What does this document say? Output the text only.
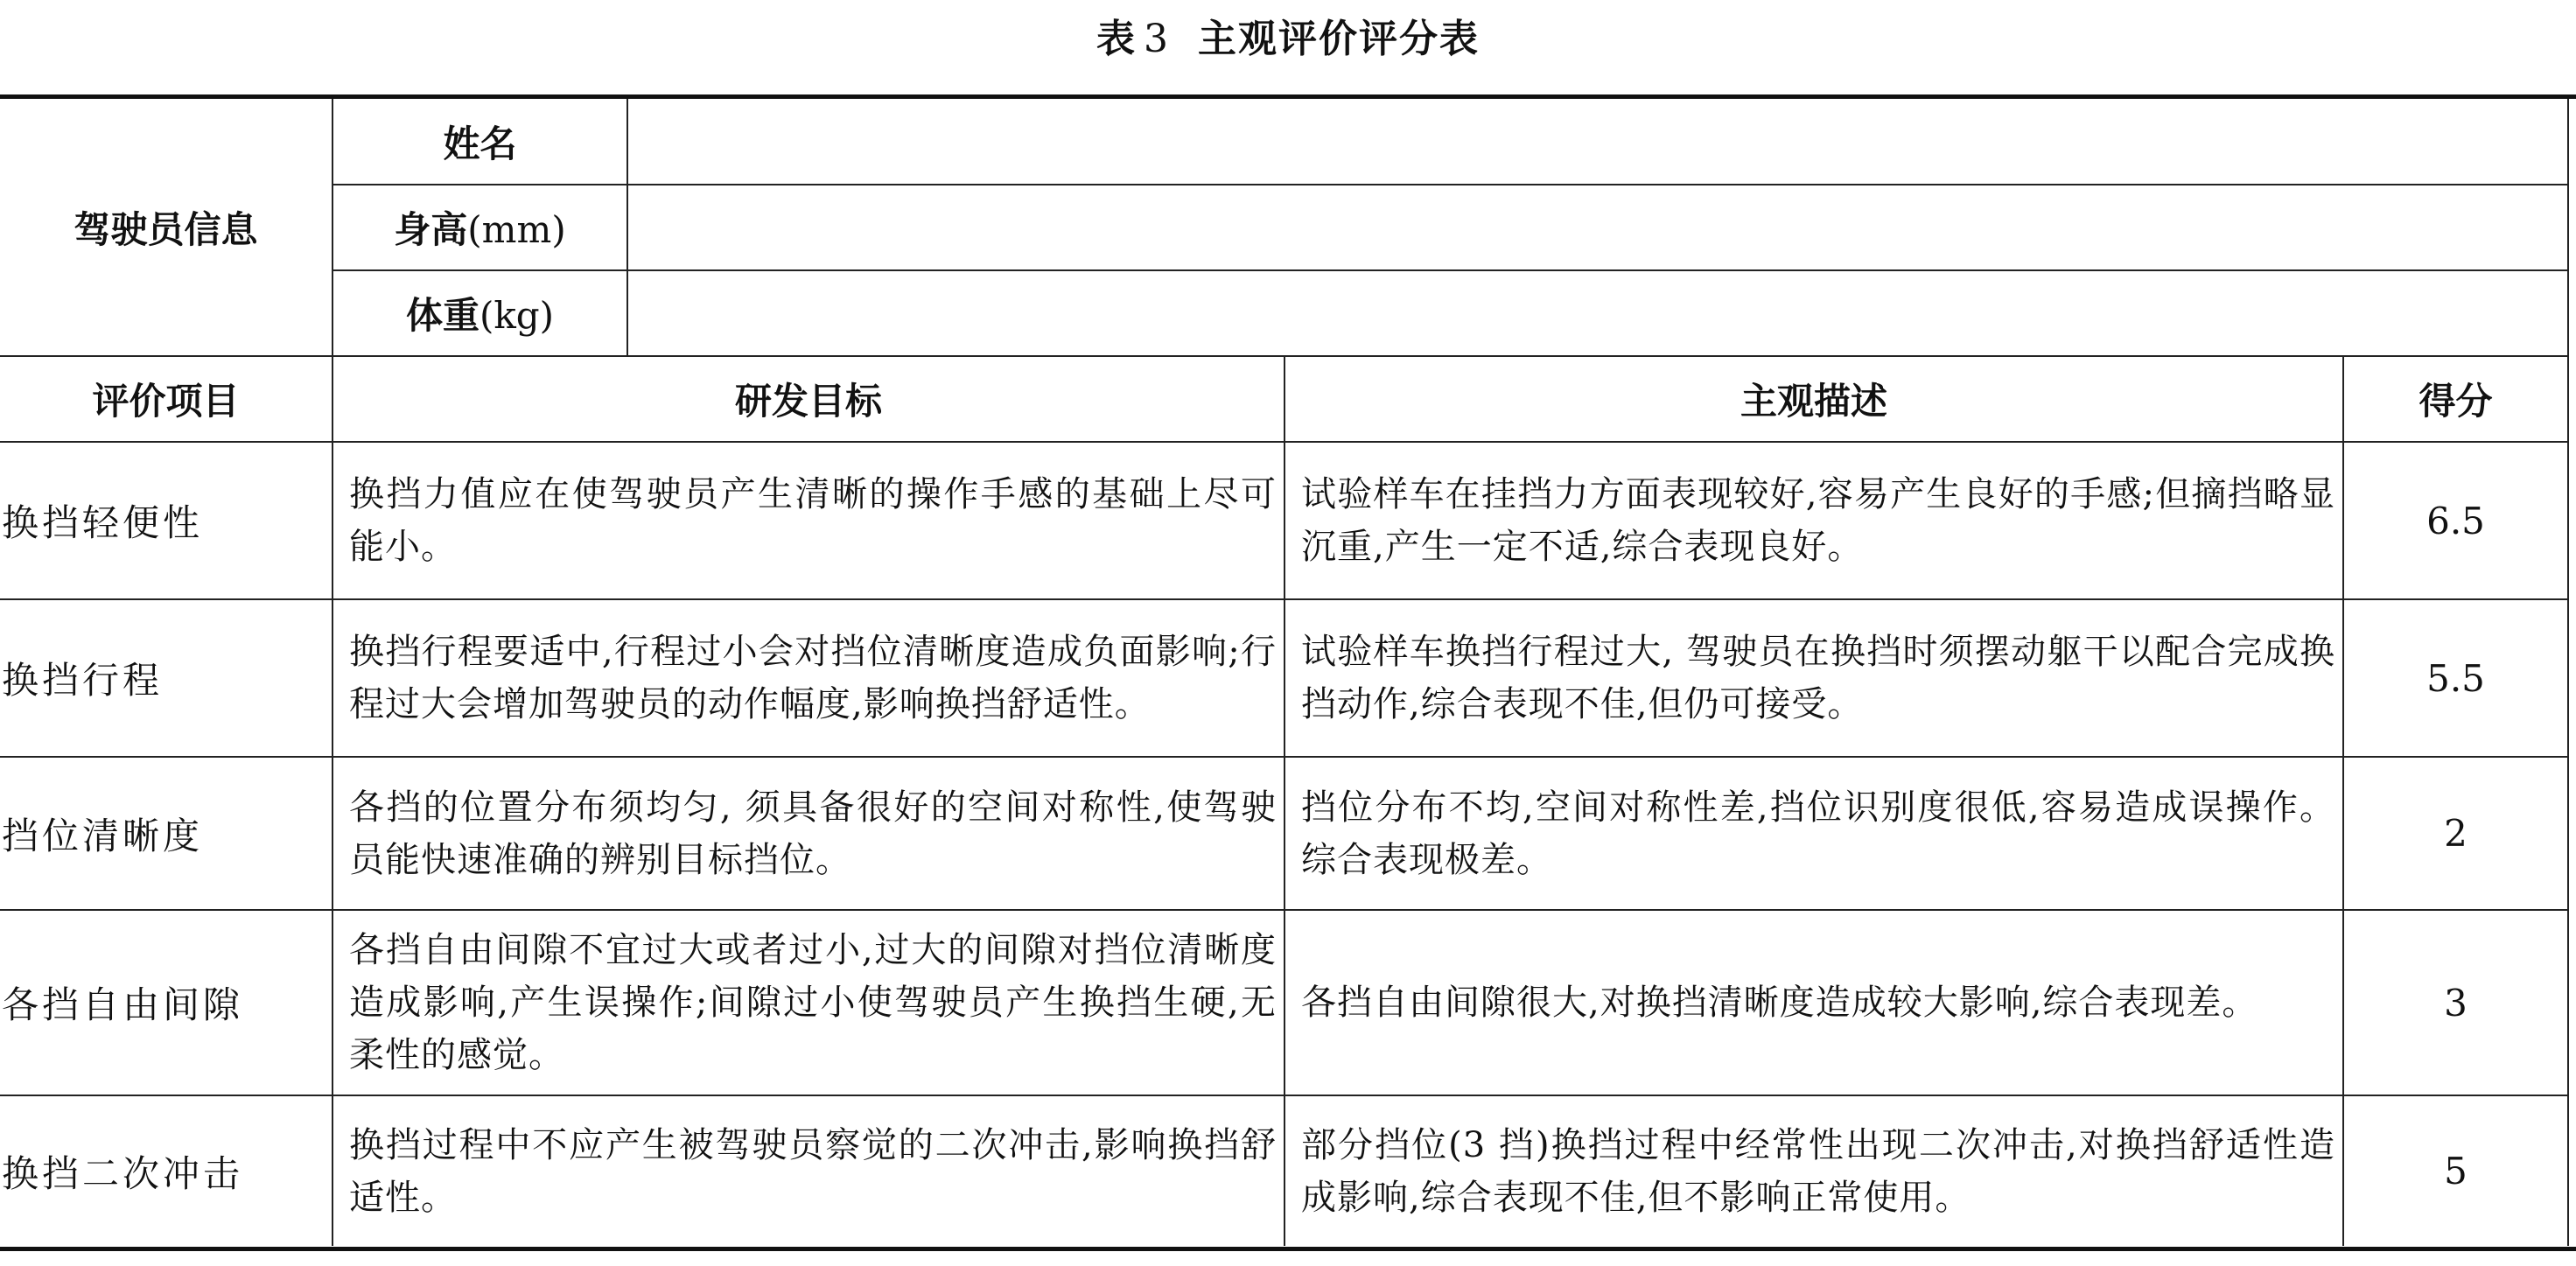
表 3 主观评价评分表
驾驶员信息	姓名			
	身高(mm)			
	体重(kg)			
评价项目	研发目标		主观描述	得分
换挡轻便性	换挡力值应在使驾驶员产生清晰的操作手感的基础上尽可能小。		试验样车在挂挡力方面表现较好,容易产生良好的手感;但摘挡略显沉重,产生一定不适,综合表现良好。	6.5
换挡行程	换挡行程要适中,行程过小会对挡位清晰度造成负面影响;行程过大会增加驾驶员的动作幅度,影响换挡舒适性。		试验样车换挡行程过大, 驾驶员在换挡时须摆动躯干以配合完成换挡动作,综合表现不佳,但仍可接受。	5.5
挡位清晰度	各挡的位置分布须均匀, 须具备很好的空间对称性,使驾驶员能快速准确的辨别目标挡位。		挡位分布不均,空间对称性差,挡位识别度很低,容易造成误操作。综合表现极差。	2
各挡自由间隙	各挡自由间隙不宜过大或者过小,过大的间隙对挡位清晰度造成影响,产生误操作;间隙过小使驾驶员产生换挡生硬,无柔性的感觉。		各挡自由间隙很大,对换挡清晰度造成较大影响,综合表现差。	3
换挡二次冲击	换挡过程中不应产生被驾驶员察觉的二次冲击,影响换挡舒适性。		部分挡位(3 挡)换挡过程中经常性出现二次冲击,对换挡舒适性造成影响,综合表现不佳,但不影响正常使用。	5
